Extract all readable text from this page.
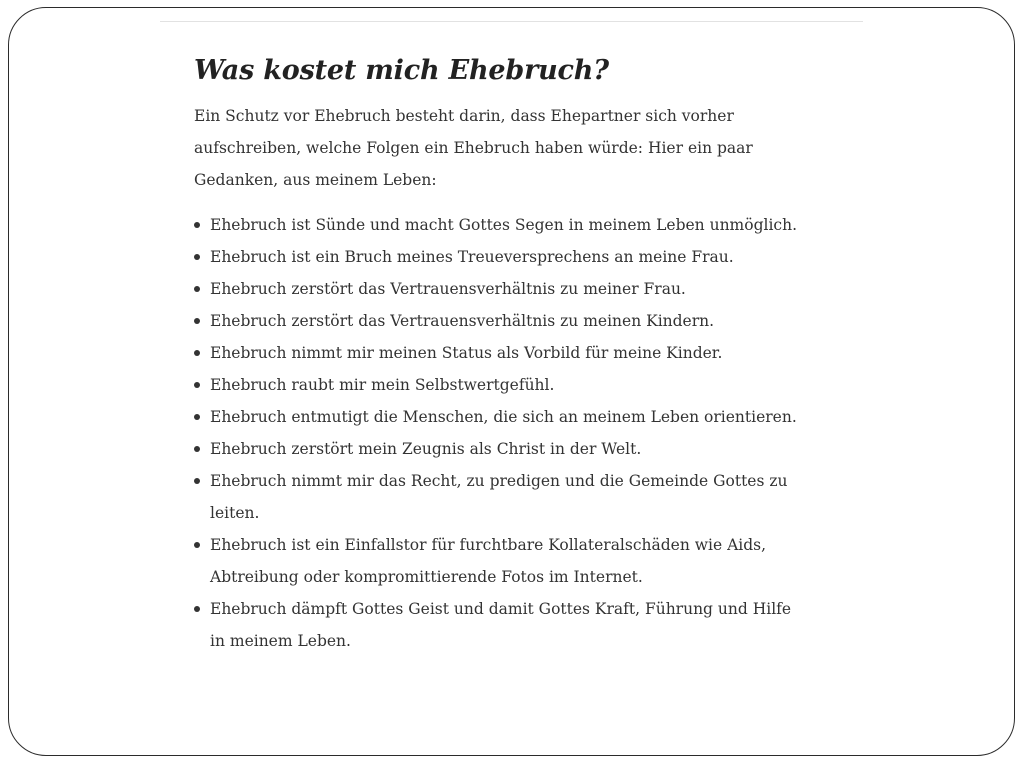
Was kostet mich Ehebruch?

Ein Schutz vor Ehebruch besteht darin, dass Ehepartner sich vorher aufschreiben, welche Folgen ein Ehebruch haben würde: Hier ein paar Gedanken, aus meinem Leben:

Ehebruch ist Sünde und macht Gottes Segen in meinem Leben unmöglich.
Ehebruch ist ein Bruch meines Treueversprechens an meine Frau.
Ehebruch zerstört das Vertrauensverhältnis zu meiner Frau.
Ehebruch zerstört das Vertrauensverhältnis zu meinen Kindern.
Ehebruch nimmt mir meinen Status als Vorbild für meine Kinder.
Ehebruch raubt mir mein Selbstwertgefühl.
Ehebruch entmutigt die Menschen, die sich an meinem Leben orientieren.
Ehebruch zerstört mein Zeugnis als Christ in der Welt.
Ehebruch nimmt mir das Recht, zu predigen und die Gemeinde Gottes zu leiten.
Ehebruch ist ein Einfallstor für furchtbare Kollateralschäden wie Aids, Abtreibung oder kompromittierende Fotos im Internet.
Ehebruch dämpft Gottes Geist und damit Gottes Kraft, Führung und Hilfe in meinem Leben.
